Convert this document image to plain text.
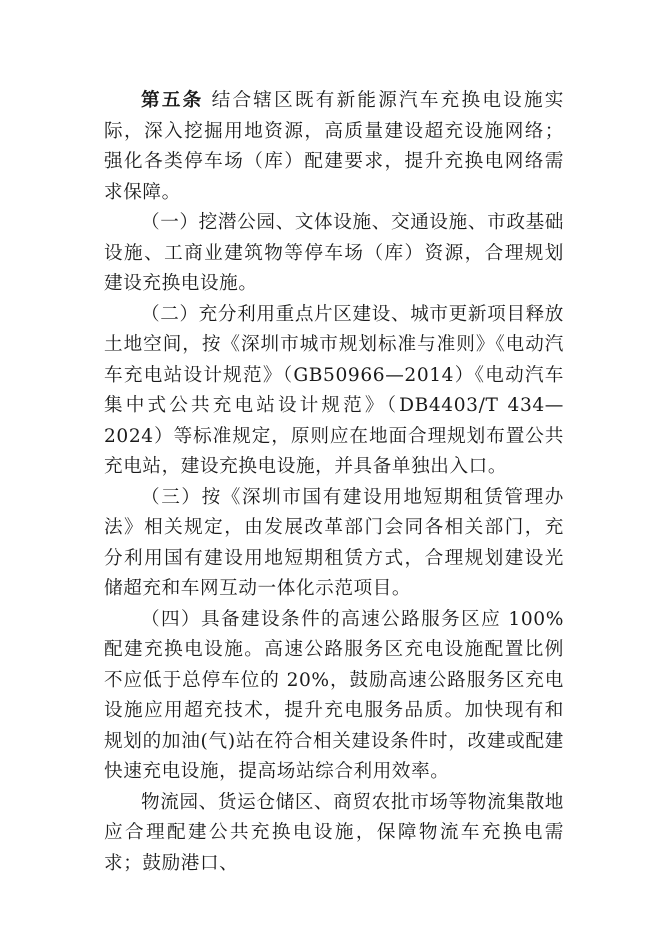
第五条 结合辖区既有新能源汽车充换电设施实际，深入挖掘用地资源，高质量建设超充设施网络；强化各类停车场（库）配建要求，提升充换电网络需求保障。

（一）挖潜公园、文体设施、交通设施、市政基础设施、工商业建筑物等停车场（库）资源，合理规划建设充换电设施。

（二）充分利用重点片区建设、城市更新项目释放土地空间，按《深圳市城市规划标准与准则》《电动汽车充电站设计规范》（GB50966—2014）《电动汽车集中式公共充电站设计规范》（DB4403/T 434—2024）等标准规定，原则应在地面合理规划布置公共充电站，建设充换电设施，并具备单独出入口。

（三）按《深圳市国有建设用地短期租赁管理办法》相关规定，由发展改革部门会同各相关部门，充分利用国有建设用地短期租赁方式，合理规划建设光储超充和车网互动一体化示范项目。

（四）具备建设条件的高速公路服务区应 100%配建充换电设施。高速公路服务区充电设施配置比例不应低于总停车位的 20%，鼓励高速公路服务区充电设施应用超充技术，提升充电服务品质。加快现有和规划的加油(气)站在符合相关建设条件时，改建或配建快速充电设施，提高场站综合利用效率。

物流园、货运仓储区、商贸农批市场等物流集散地应合理配建公共充换电设施，保障物流车充换电需求；鼓励港口、
